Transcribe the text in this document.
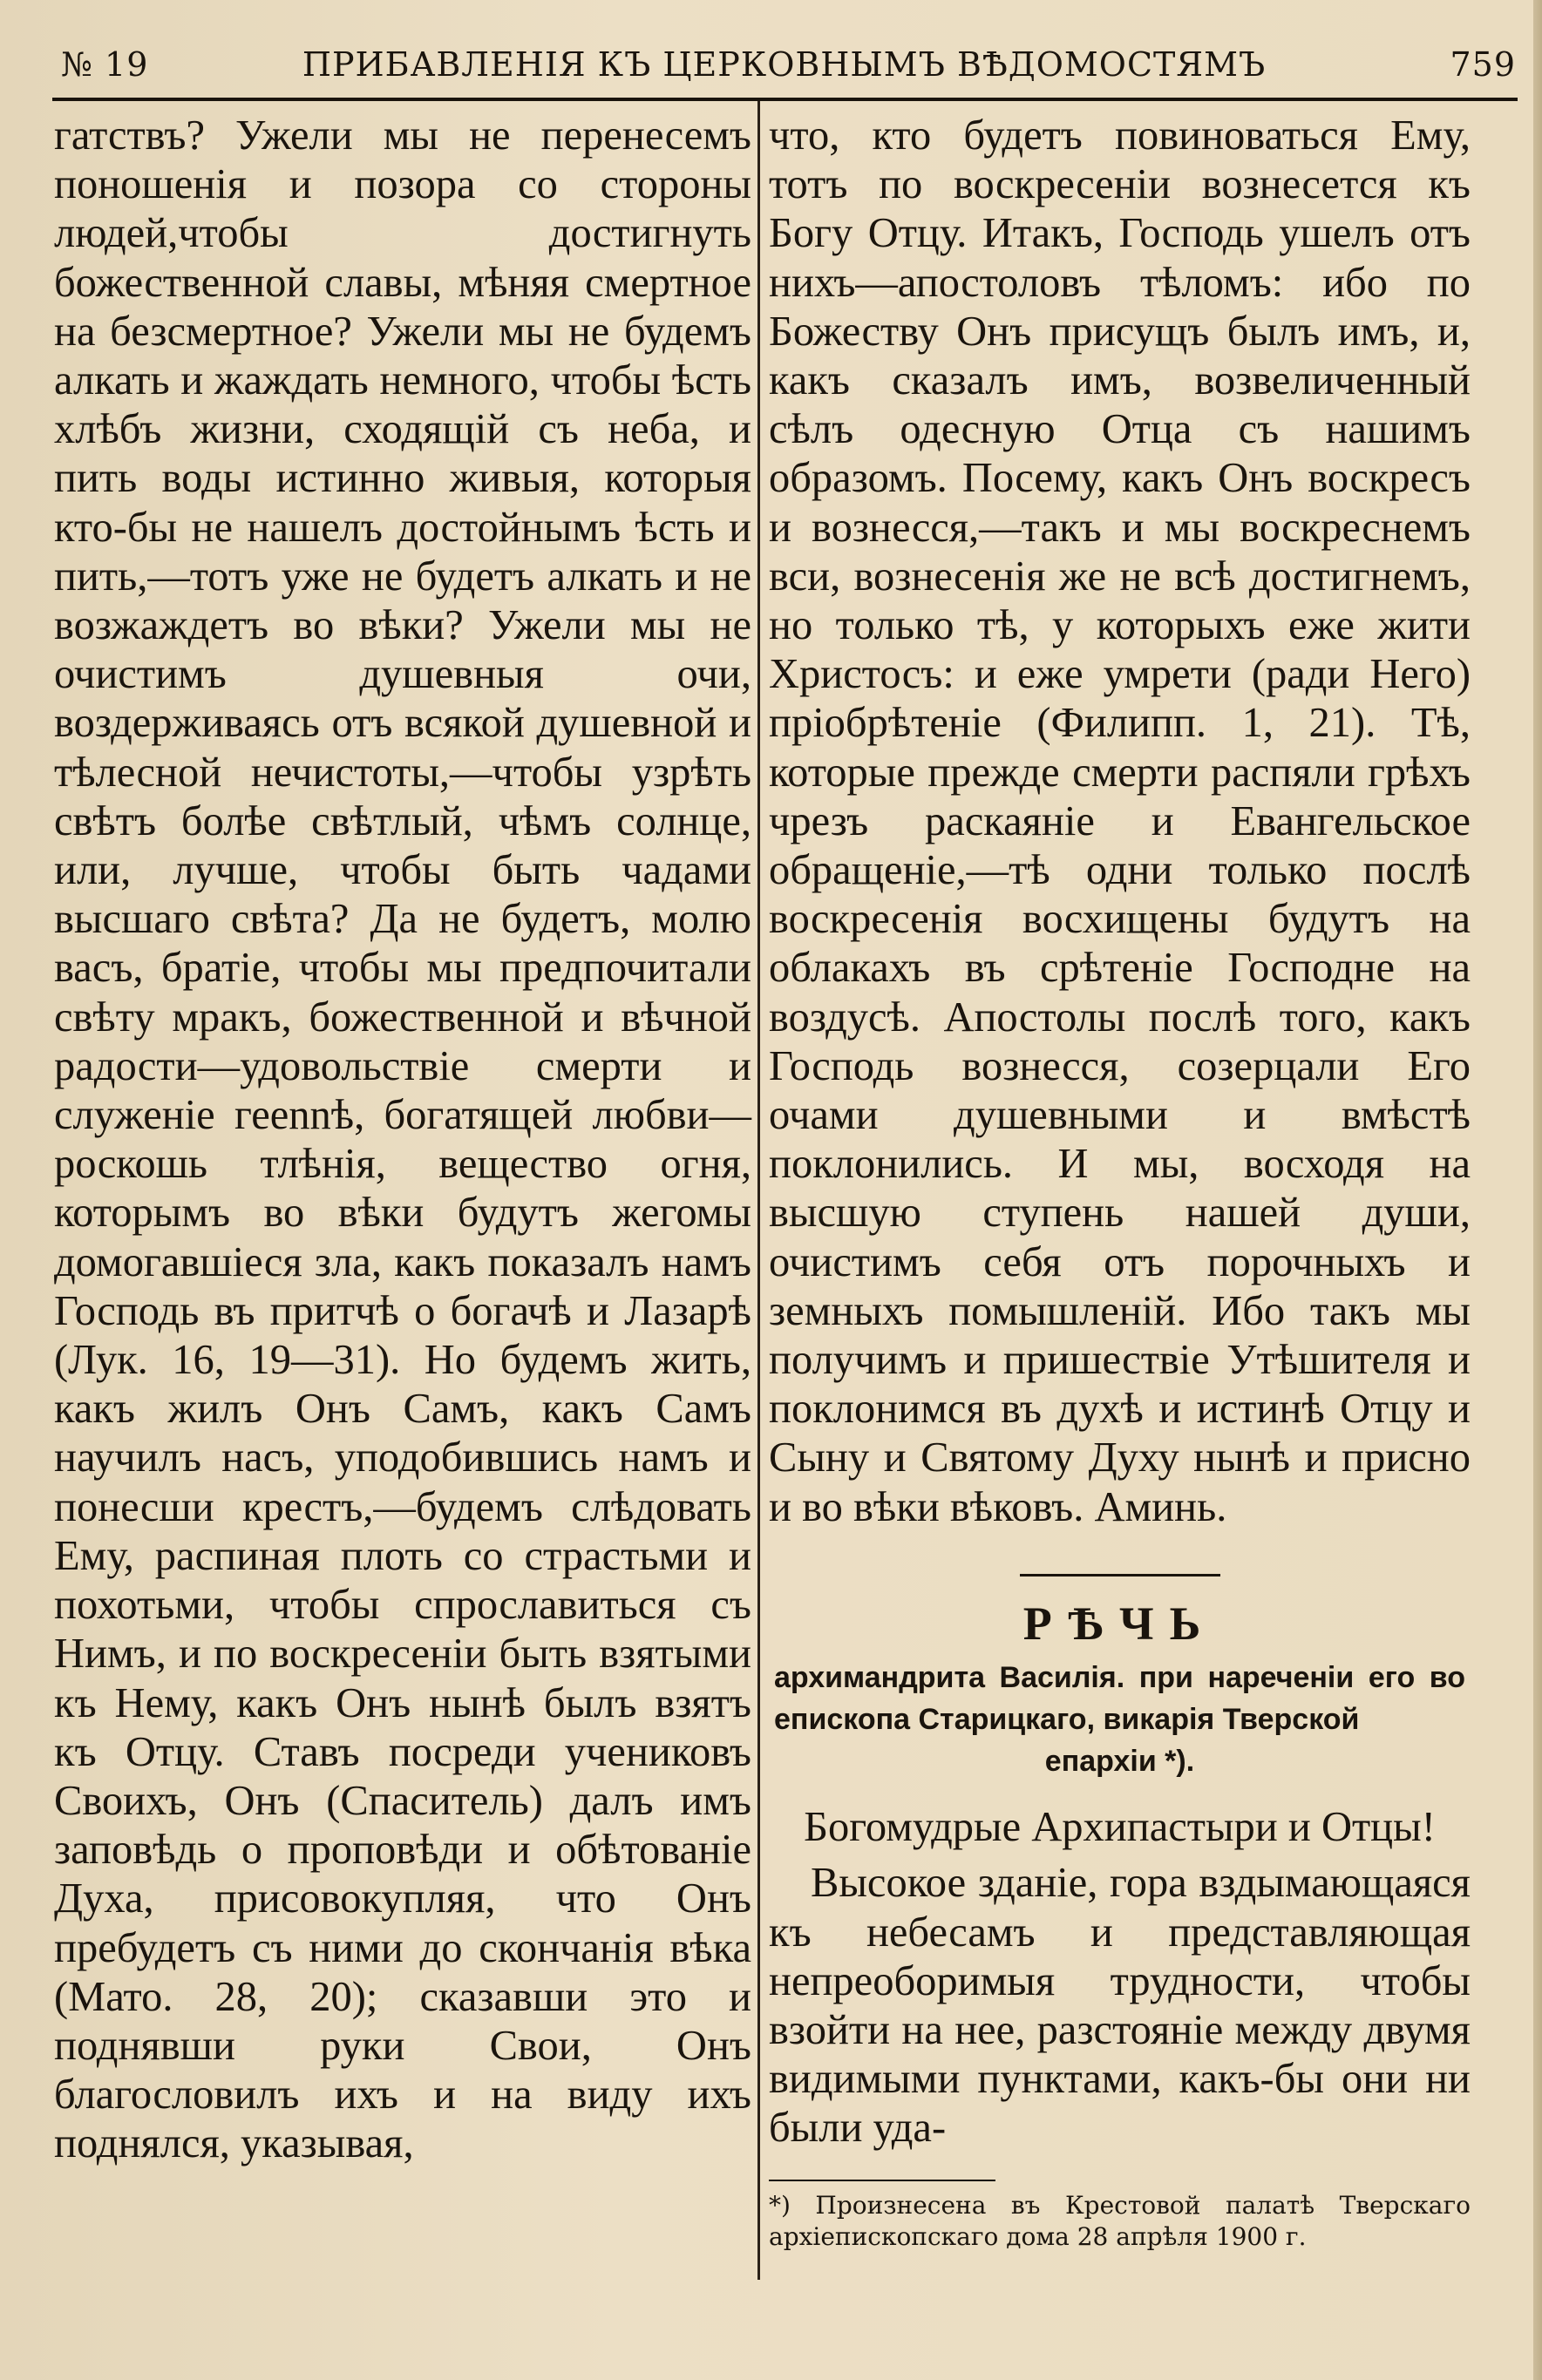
№ 19	ПРИБАВЛЕНІЯ КЪ ЦЕРКОВНЫМЪ ВѢДОМОСТЯМЪ	759

гатствъ? Ужели мы не перенесемъ поношенія и позора со стороны людей,чтобы достигнуть божественной славы, мѣняя смертное на безсмертное? Ужели мы не будемъ алкать и жаждать немного, чтобы ѣсть хлѣбъ жизни, сходящій съ неба, и пить воды истинно живыя, которыя кто-бы не нашелъ достойнымъ ѣсть и пить,—тотъ уже не будетъ алкать и не возжаждетъ во вѣки? Ужели мы не очистимъ душевныя очи, воздерживаясь отъ всякой душевной и тѣлесной нечистоты,—чтобы узрѣть свѣтъ болѣе свѣтлый, чѣмъ солнце, или, лучше, чтобы быть чадами высшаго свѣта? Да не будетъ, молю васъ, братіе, чтобы мы предпочитали свѣту мракъ, божественной и вѣчной радости—удовольствіе смерти и служеніе геennѣ, богатящей любви—роскошь тлѣнія, вещество огня, которымъ во вѣки будутъ жегомы домогавшіеся зла, какъ показалъ намъ Господь въ притчѣ о богачѣ и Лазарѣ (Лук. 16, 19—31). Но будемъ жить, какъ жилъ Онъ Самъ, какъ Самъ научилъ насъ, уподобившись намъ и понесши крестъ,—будемъ слѣдовать Ему, распиная плоть со страстьми и похотьми, чтобы спрославиться съ Нимъ, и по воскресеніи быть взятыми къ Нему, какъ Онъ нынѣ былъ взятъ къ Отцу. Ставъ посреди учениковъ Своихъ, Онъ (Спаситель) далъ имъ заповѣдь о проповѣди и обѣтованіе Духа, присовокупляя, что Онъ пребудетъ съ ними до скончанія вѣка (Мато. 28, 20); сказавши это и поднявши руки Свои, Онъ благословилъ ихъ и на виду ихъ поднялся, указывая,

что, кто будетъ повиноваться Ему, тотъ по воскресеніи вознесется къ Богу Отцу. Итакъ, Господь ушелъ отъ нихъ—апостоловъ тѣломъ: ибо по Божеству Онъ присущъ былъ имъ, и, какъ сказалъ имъ, возвеличенный сѣлъ одесную Отца съ нашимъ образомъ. Посему, какъ Онъ воскресъ и вознесся,—такъ и мы воскреснемъ вси, вознесенія же не всѣ достигнемъ, но только тѣ, у которыхъ еже жити Христосъ: и еже умрети (ради Него) пріобрѣтеніе (Филипп. 1, 21). Тѣ, которые прежде смерти распяли грѣхъ чрезъ раскаяніе и Евангельское обращеніе,—тѣ одни только послѣ воскресенія восхищены будутъ на облакахъ въ срѣтеніе Господне на воздусѣ. Апостолы послѣ того, какъ Господь вознесся, созерцали Его очами душевными и вмѣстѣ поклонились. И мы, восходя на высшую ступень нашей души, очистимъ себя отъ порочныхъ и земныхъ помышленій. Ибо такъ мы получимъ и пришествіе Утѣшителя и поклонимся въ духѣ и истинѣ Отцу и Сыну и Святому Духу нынѣ и присно и во вѣки вѣковъ. Аминь.

РѢЧЬ
архимандрита Василія. при нареченіи его во епископа Старицкаго, викарія Тверской
епархіи *).

Богомудрые Архипастыри и Отцы!

Высокое зданіе, гора вздымающаяся къ небесамъ и представляющая непреоборимыя трудности, чтобы взойти на нее, разстояніе между двумя видимыми пунктами, какъ-бы они ни были уда-

*) Произнесена въ Крестовой палатѣ Тверскаго архіепископскаго дома 28 апрѣля 1900 г.
